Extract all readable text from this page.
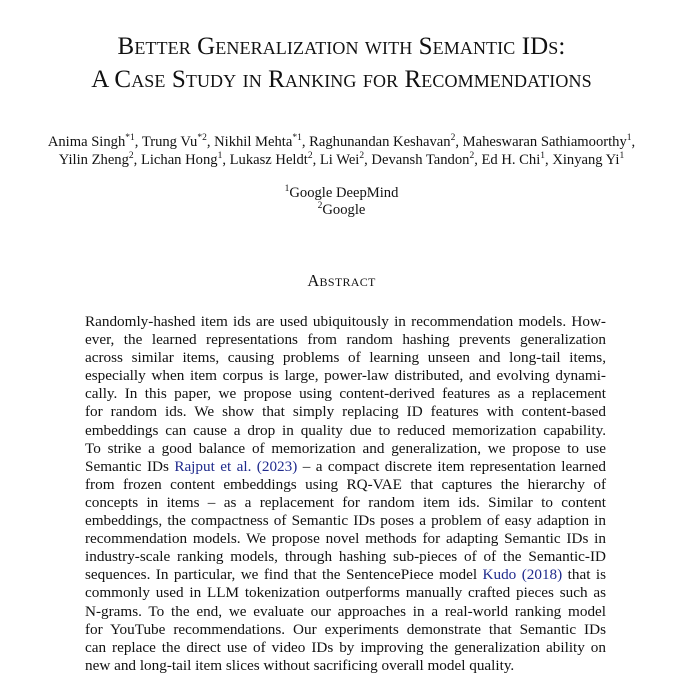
Better Generalization with Semantic IDs:
A Case Study in Ranking for Recommendations
Anima Singh$^{*1}$, Trung Vu$^{*2}$, Nikhil Mehta$^{*1}$, Raghunandan Keshavan$^2$, Maheswaran Sathiamoorthy$^1$,
Yilin Zheng$^2$, Lichan Hong$^1$, Lukasz Heldt$^2$, Li Wei$^2$, Devansh Tandon$^2$, Ed H. Chi$^1$, Xinyang Yi$^1$
$^1$Google DeepMind
$^2$Google
Abstract
Randomly-hashed item ids are used ubiquitously in recommendation models. How-
ever, the learned representations from random hashing prevents generalization
across similar items, causing problems of learning unseen and long-tail items,
especially when item corpus is large, power-law distributed, and evolving dynami-
cally. In this paper, we propose using content-derived features as a replacement
for random ids. We show that simply replacing ID features with content-based
embeddings can cause a drop in quality due to reduced memorization capability.
To strike a good balance of memorization and generalization, we propose to use
Semantic IDs Rajput et al. (2023) – a compact discrete item representation learned
from frozen content embeddings using RQ-VAE that captures the hierarchy of
concepts in items – as a replacement for random item ids. Similar to content
embeddings, the compactness of Semantic IDs poses a problem of easy adaption in
recommendation models. We propose novel methods for adapting Semantic IDs in
industry-scale ranking models, through hashing sub-pieces of of the Semantic-ID
sequences. In particular, we find that the SentencePiece model Kudo (2018) that is
commonly used in LLM tokenization outperforms manually crafted pieces such as
N-grams. To the end, we evaluate our approaches in a real-world ranking model
for YouTube recommendations. Our experiments demonstrate that Semantic IDs
can replace the direct use of video IDs by improving the generalization ability on
new and long-tail item slices without sacrificing overall model quality.
